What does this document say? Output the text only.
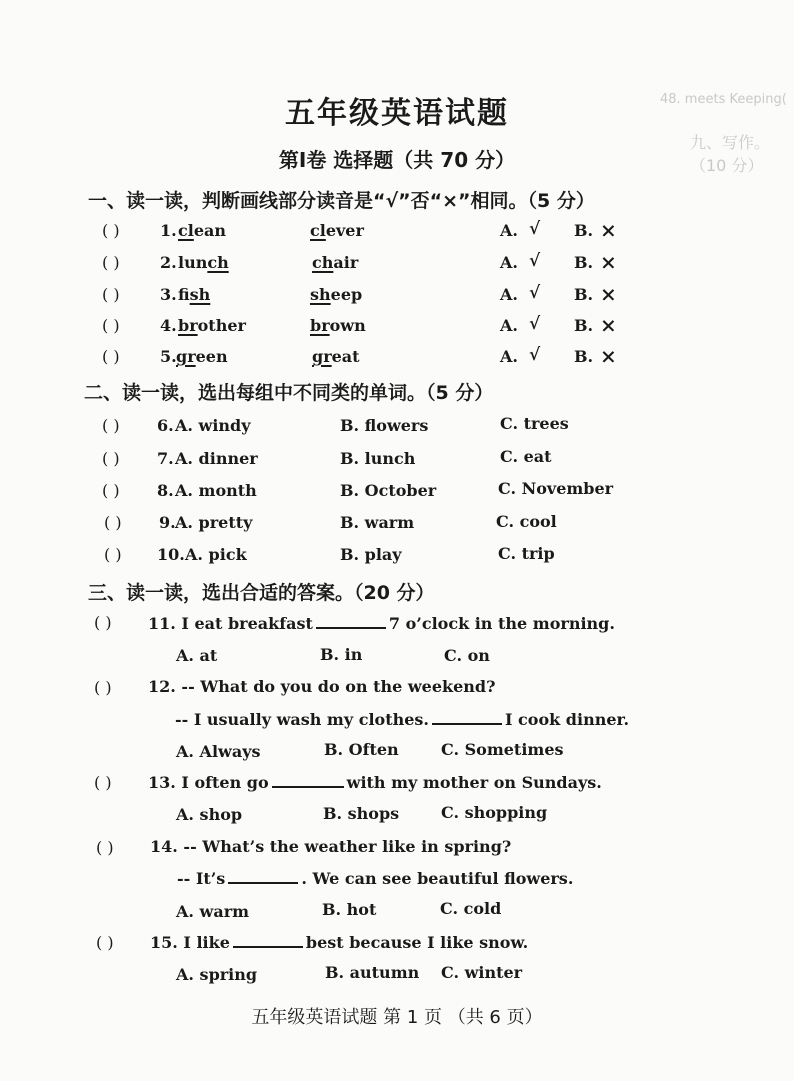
48. meets Keeping(
九、写作。（10 分）
五年级英语试题
第Ⅰ卷 选择题（共 70 分）
一、读一读，判断画线部分读音是“√”否“×”相同。（5 分）
( )	1. clean	clever	A. √ B. ×
( )	2. lunch	chair	A. √ B. ×
( )	3. fish	sheep	A. √ B. ×
( )	4. brother	brown	A. √ B. ×
( )	5. green	great	A. √ B. ×
二、读一读，选出每组中不同类的单词。（5 分）
( ) 6. A. windy	B. flowers	C. trees
( ) 7. A. dinner	B. lunch	C. eat
( ) 8. A. month	B. October	C. November
( ) 9. A. pretty	B. warm	C. cool
( ) 10. A. pick	B. play	C. trip
三、读一读，选出合适的答案。（20 分）
( ) 11. I eat breakfast	7 o’clock in the morning.
A. at	B. in	C. on
( ) 12. -- What do you do on the weekend?
-- I usually wash my clothes.	I cook dinner.
A. Always	B. Often	C. Sometimes
( ) 13. I often go	with my mother on Sundays.
A. shop	B. shops	C. shopping
( ) 14. -- What’s the weather like in spring?
-- It’s	. We can see beautiful flowers.
A. warm	B. hot	C. cold
( ) 15. I like	best because I like snow.
A. spring	B. autumn C. winter
五年级英语试题 第 1 页 （共 6 页）
